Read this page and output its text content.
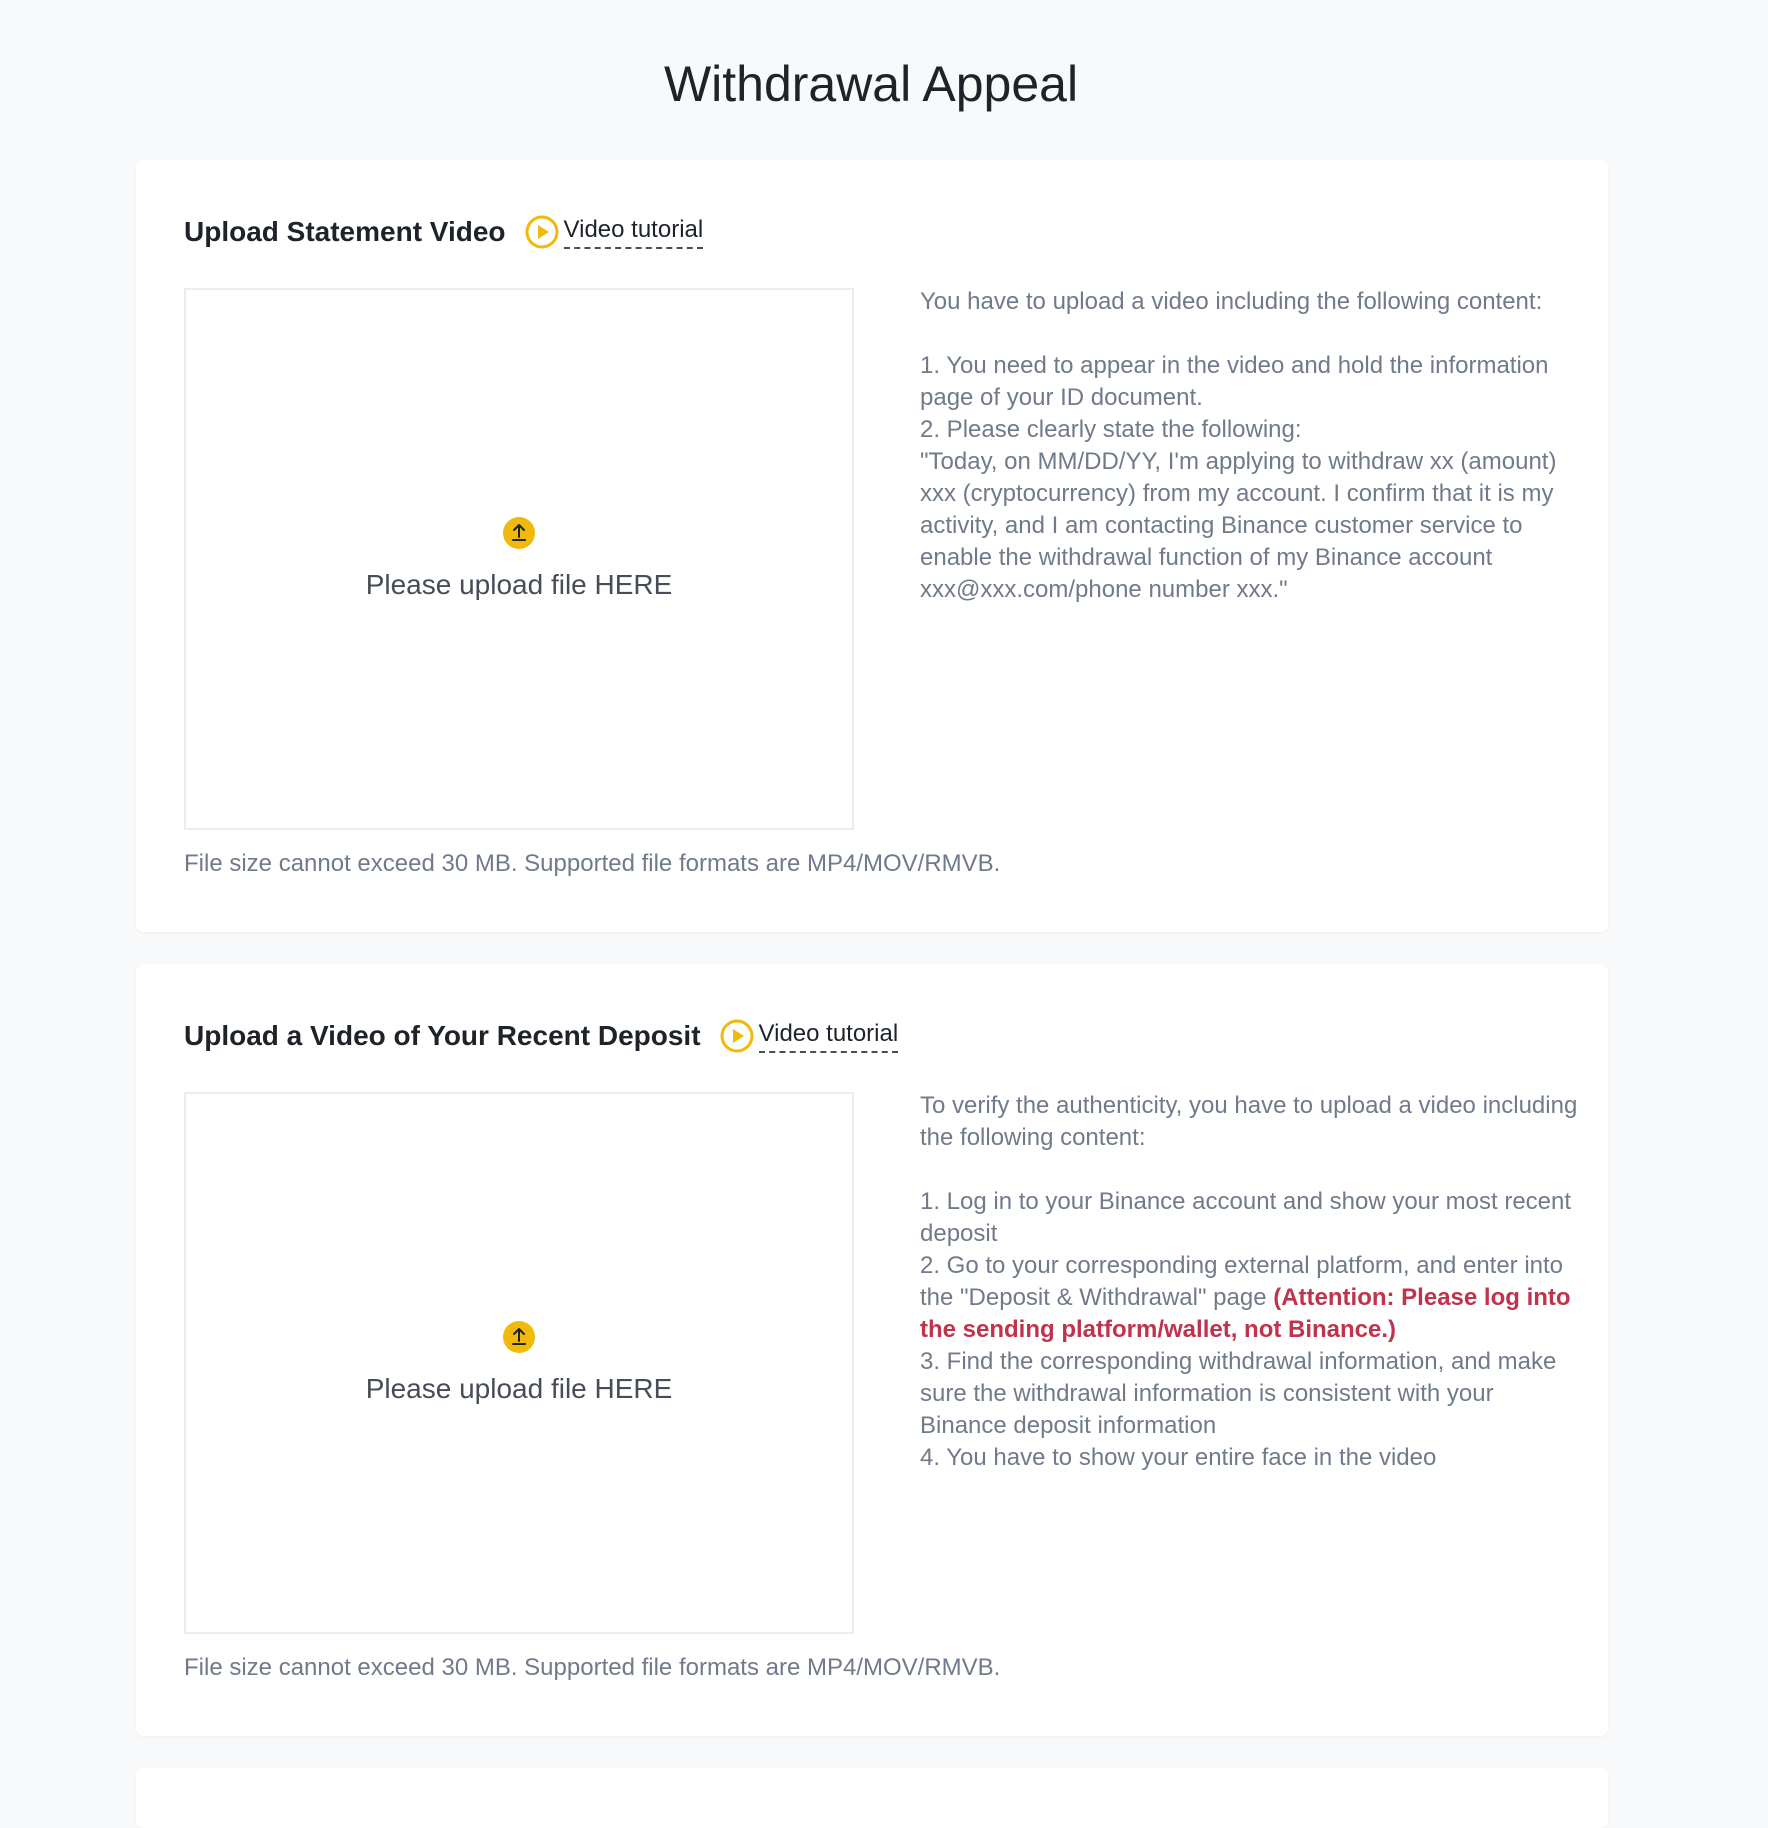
Withdrawal Appeal
Upload Statement Video Video tutorial
Please upload file HERE

You have to upload a video including the following content:

1. You need to appear in the video and hold the information page of your ID document.

2. Please clearly state the following:

"Today, on MM/DD/YY, I'm applying to withdraw xx (amount) xxx (cryptocurrency) from my account. I confirm that it is my activity, and I am contacting Binance customer service to enable the withdrawal function of my Binance account xxx@xxx.com/phone number xxx."

File size cannot exceed 30 MB. Supported file formats are MP4/MOV/RMVB.
Upload a Video of Your Recent Deposit Video tutorial
Please upload file HERE

To verify the authenticity, you have to upload a video including the following content:

1. Log in to your Binance account and show your most recent deposit

2. Go to your corresponding external platform, and enter into the "Deposit & Withdrawal" page (Attention: Please log into the sending platform/wallet, not Binance.)

3. Find the corresponding withdrawal information, and make sure the withdrawal information is consistent with your Binance deposit information

4. You have to show your entire face in the video

File size cannot exceed 30 MB. Supported file formats are MP4/MOV/RMVB.
